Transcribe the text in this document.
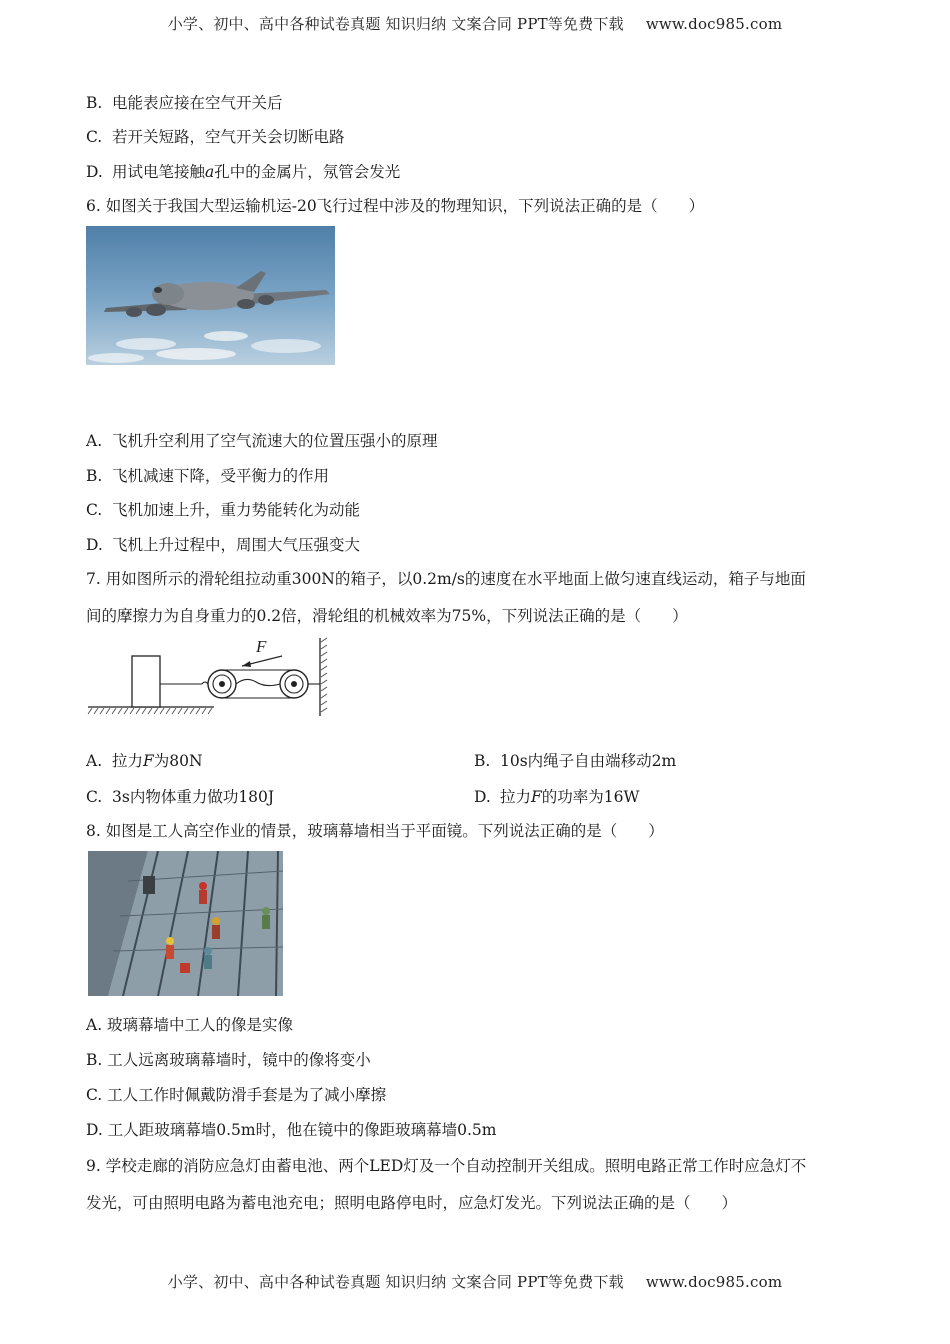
小学、初中、高中各种试卷真题 知识归纳 文案合同 PPT等免费下载 www.doc985.com
B. 电能表应接在空气开关后
C. 若开关短路，空气开关会切断电路
D. 用试电笔接触a孔中的金属片，氖管会发光
6. 如图关于我国大型运输机运-20飞行过程中涉及的物理知识，下列说法正确的是（　　）
A. 飞机升空利用了空气流速大的位置压强小的原理
B. 飞机减速下降，受平衡力的作用
C. 飞机加速上升，重力势能转化为动能
D. 飞机上升过程中，周围大气压强变大
7. 用如图所示的滑轮组拉动重300N的箱子，以0.2m/s的速度在水平地面上做匀速直线运动，箱子与地面
间的摩擦力为自身重力的0.2倍，滑轮组的机械效率为75%，下列说法正确的是（　　）
F
A. 拉力F为80N	B. 10s内绳子自由端移动2m
C. 3s内物体重力做功180J	D. 拉力F的功率为16W
8. 如图是工人高空作业的情景，玻璃幕墙相当于平面镜。下列说法正确的是（　　）
A. 玻璃幕墙中工人的像是实像
B. 工人远离玻璃幕墙时，镜中的像将变小
C. 工人工作时佩戴防滑手套是为了减小摩擦
D. 工人距玻璃幕墙0.5m时，他在镜中的像距玻璃幕墙0.5m
9. 学校走廊的消防应急灯由蓄电池、两个LED灯及一个自动控制开关组成。照明电路正常工作时应急灯不
发光，可由照明电路为蓄电池充电；照明电路停电时，应急灯发光。下列说法正确的是（　　）
小学、初中、高中各种试卷真题 知识归纳 文案合同 PPT等免费下载 www.doc985.com
